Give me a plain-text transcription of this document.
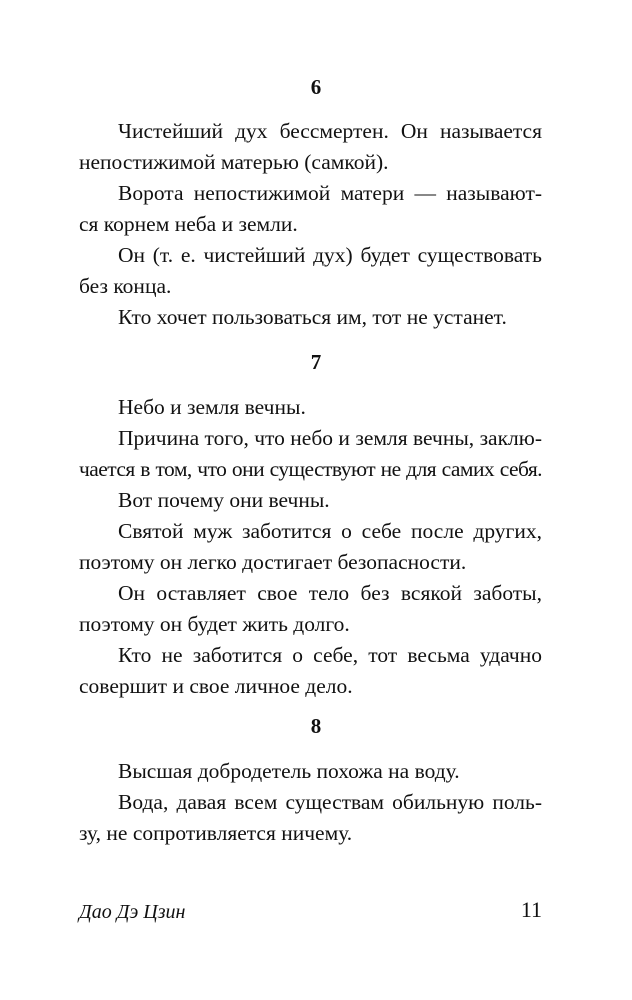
6
Чистейший дух бессмертен. Он называется
непостижимой матерью (самкой).
Ворота непостижимой матери — называют-
ся корнем неба и земли.
Он (т. е. чистейший дух) будет существовать
без конца.
Кто хочет пользоваться им, тот не устанет.
7
Небо и земля вечны.
Причина того, что небо и земля вечны, заклю-
чается в том, что они существуют не для самих себя.
Вот почему они вечны.
Святой муж заботится о себе после других,
поэтому он легко достигает безопасности.
Он оставляет свое тело без всякой заботы,
поэтому он будет жить долго.
Кто не заботится о себе, тот весьма удачно
совершит и свое личное дело.
8
Высшая добродетель похожа на воду.
Вода, давая всем существам обильную поль-
зу, не сопротивляется ничему.
Дао Дэ Цзин	11
